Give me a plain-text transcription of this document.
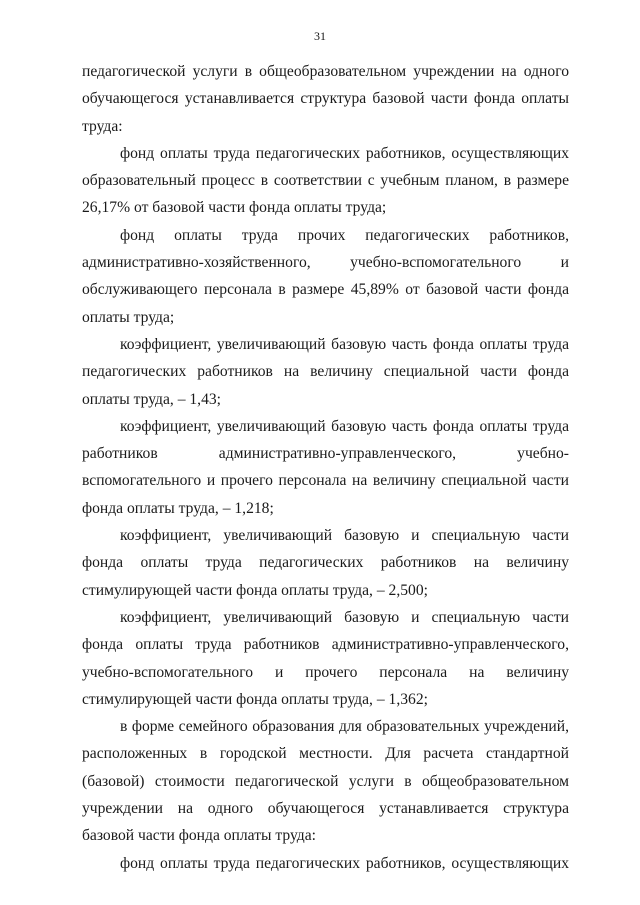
31

педагогической услуги в общеобразовательном учреждении на одного обучающегося устанавливается структура базовой части фонда оплаты труда:

фонд оплаты труда педагогических работников, осуществляющих образовательный процесс в соответствии с учебным планом, в размере 26,17% от базовой части фонда оплаты труда;

фонд оплаты труда прочих педагогических работников, административно-хозяйственного, учебно-вспомогательного и обслуживающего персонала в размере 45,89% от базовой части фонда оплаты труда;

коэффициент, увеличивающий базовую часть фонда оплаты труда педагогических работников на величину специальной части фонда оплаты труда, – 1,43;

коэффициент, увеличивающий базовую часть фонда оплаты труда работников административно-управленческого, учебно-вспомогательного и прочего персонала на величину специальной части фонда оплаты труда, – 1,218;

коэффициент, увеличивающий базовую и специальную части фонда оплаты труда педагогических работников на величину стимулирующей части фонда оплаты труда, – 2,500;

коэффициент, увеличивающий базовую и специальную части фонда оплаты труда работников административно-управленческого, учебно-вспомогательного и прочего персонала на величину стимулирующей части фонда оплаты труда, – 1,362;

в форме семейного образования для образовательных учреждений, расположенных в городской местности. Для расчета стандартной (базовой) стоимости педагогической услуги в общеобразовательном учреждении на одного обучающегося устанавливается структура базовой части фонда оплаты труда:

фонд оплаты труда педагогических работников, осуществляющих
